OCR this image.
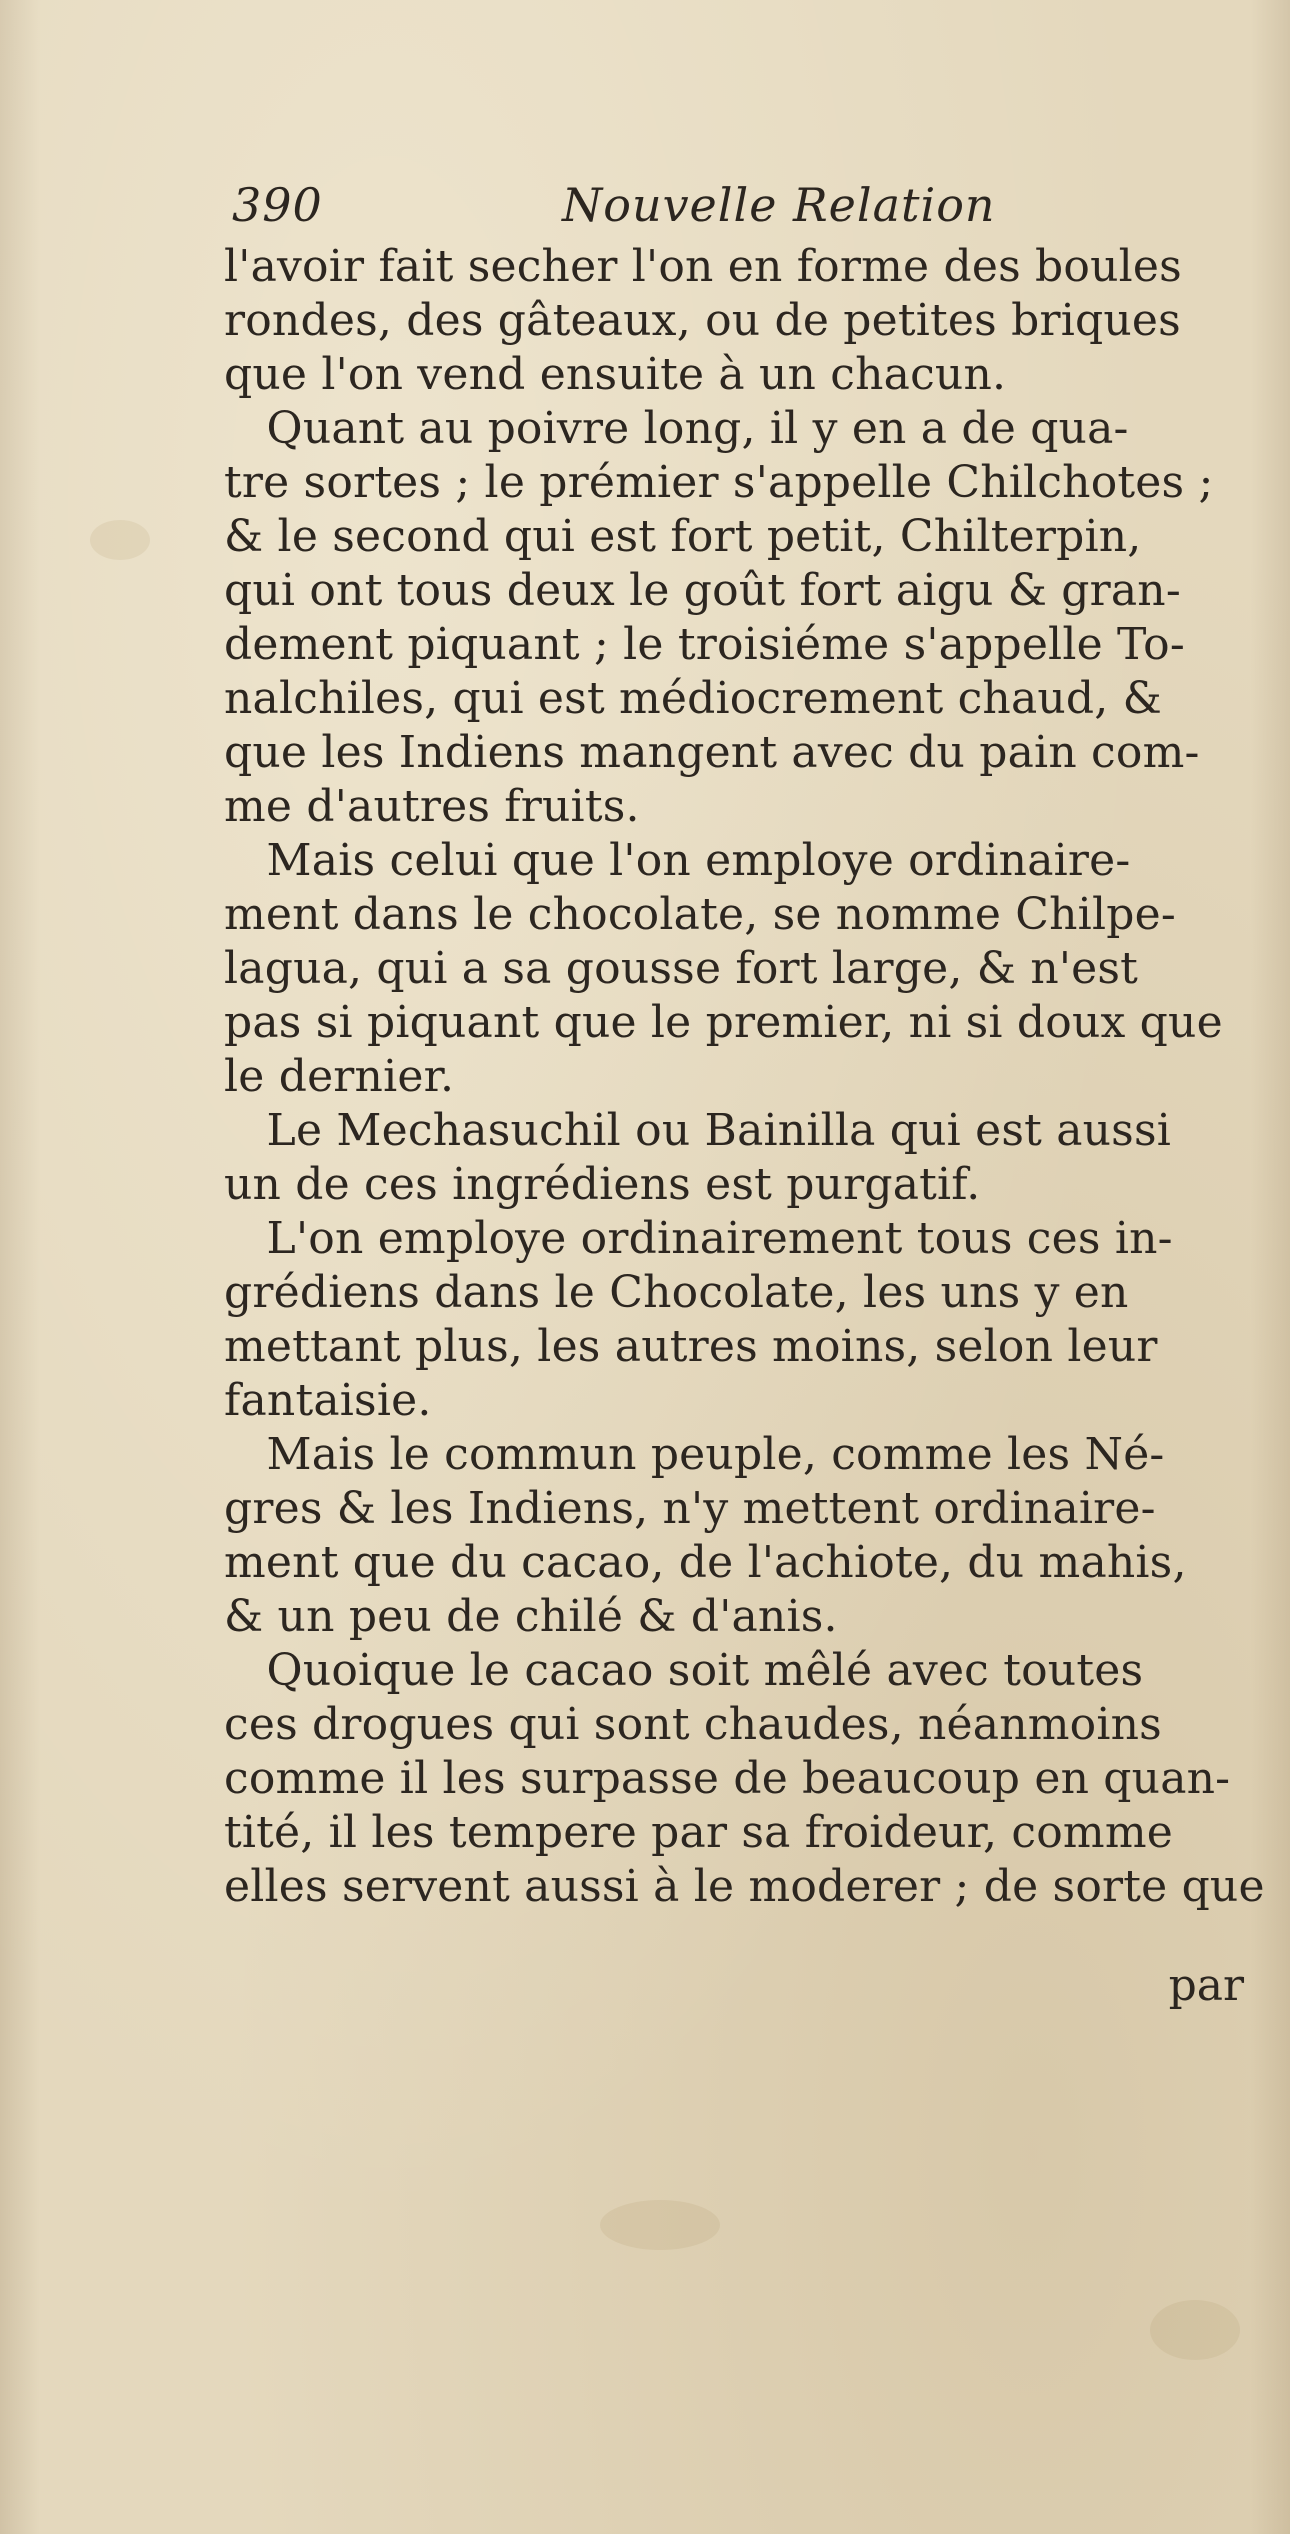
390	Nouvelle Relation
l'avoir fait secher l'on en forme des boules
rondes, des gâteaux, ou de petites briques
que l'on vend ensuite à un chacun.
Quant au poivre long, il y en a de qua-
tre sortes ; le prémier s'appelle Chilchotes ;
& le second qui est fort petit, Chilterpin,
qui ont tous deux le goût fort aigu & gran-
dement piquant ; le troisiéme s'appelle To-
nalchiles, qui est médiocrement chaud, &
que les Indiens mangent avec du pain com-
me d'autres fruits.
Mais celui que l'on employe ordinaire-
ment dans le chocolate, se nomme Chilpe-
lagua, qui a sa gousse fort large, & n'est
pas si piquant que le premier, ni si doux que
le dernier.
Le Mechasuchil ou Bainilla qui est aussi
un de ces ingrédiens est purgatif.
L'on employe ordinairement tous ces in-
grédiens dans le Chocolate, les uns y en
mettant plus, les autres moins, selon leur
fantaisie.
Mais le commun peuple, comme les Né-
gres & les Indiens, n'y mettent ordinaire-
ment que du cacao, de l'achiote, du mahis,
& un peu de chilé & d'anis.
Quoique le cacao soit mêlé avec toutes
ces drogues qui sont chaudes, néanmoins
comme il les surpasse de beaucoup en quan-
tité, il les tempere par sa froideur, comme
elles servent aussi à le moderer ; de sorte que
par
